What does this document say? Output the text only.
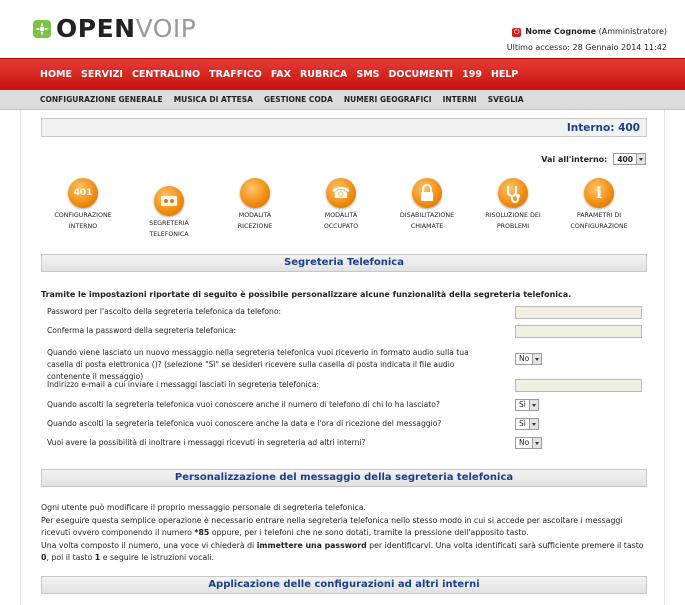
OPEN VOIP	⏻ Nome Cognome
(Amministratore)
Ultimo accesso: 28 Gennaio 2014 11:42
HOME SERVIZI CENTRALINO TRAFFICO FAX RUBRICA SMS DOCUMENTI 199 HELP
CONFIGURAZIONE GENERALE MUSICA DI ATTESA GESTIONE CODA NUMERI GEOGRAFICI INTERNI SVEGLIA
Interno: 400
Vai all'interno: 400
401
CONFIGURAZIONE
INTERNO	SEGRETERIA TELEFONICA
MODALITÀ
RICEZIONE
☎
MODALITÀ
OCCUPATO
DISABILITAZIONE
CHIAMATE
RISOLUZIONE DEI
PROBLEMI
i
PARAMETRI DI
CONFIGURAZIONE
Segreteria Telefonica
Tramite le impostazioni riportate di seguito è possibile personalizzare alcune funzionalità della segreteria telefonica.
Password per l'ascolto della segreteria telefonica da telefono:
Conferma la password della segreteria telefonica:
Quando viene lasciato un nuovo messaggio nella segreteria telefonica vuoi riceverlo in formato audio sulla tua casella di posta elettronica ()? (selezione "Sì" se desideri ricevere sulla casella di posta indicata il file audio contenente il messaggio)
No
Indirizzo e-mail a cui inviare i messaggi lasciati in segreteria telefonica:
Quando ascolti la segreteria telefonica vuoi conoscere anche il numero di telefono di chi lo ha lasciato?	Sì
Quando ascolti la segreteria telefonica vuoi conoscere anche la data e l'ora di ricezione del messaggio?	Sì
Vuoi avere la possibilità di inoltrare i messaggi ricevuti in segreteria ad altri interni?	No
Personalizzazione del messaggio della segreteria telefonica
Ogni utente può modificare il proprio messaggio personale di segreteria telefonica.
Per eseguire questa semplice operazione è necessario entrare nella segreteria telefonica nello stesso modo in cui si accede per ascoltare i messaggi ricevuti ovvero componendo il numero *85 oppure, per i telefoni che ne sono dotati, tramite la pressione dell'apposito tasto.
Una volta composto il numero, una voce vi chiederà di immettere una password per identificarvi. Una volta identificati sarà sufficiente premere il tasto 0, poi il tasto 1 e seguire le istruzioni vocali.
Applicazione delle configurazioni ad altri interni
